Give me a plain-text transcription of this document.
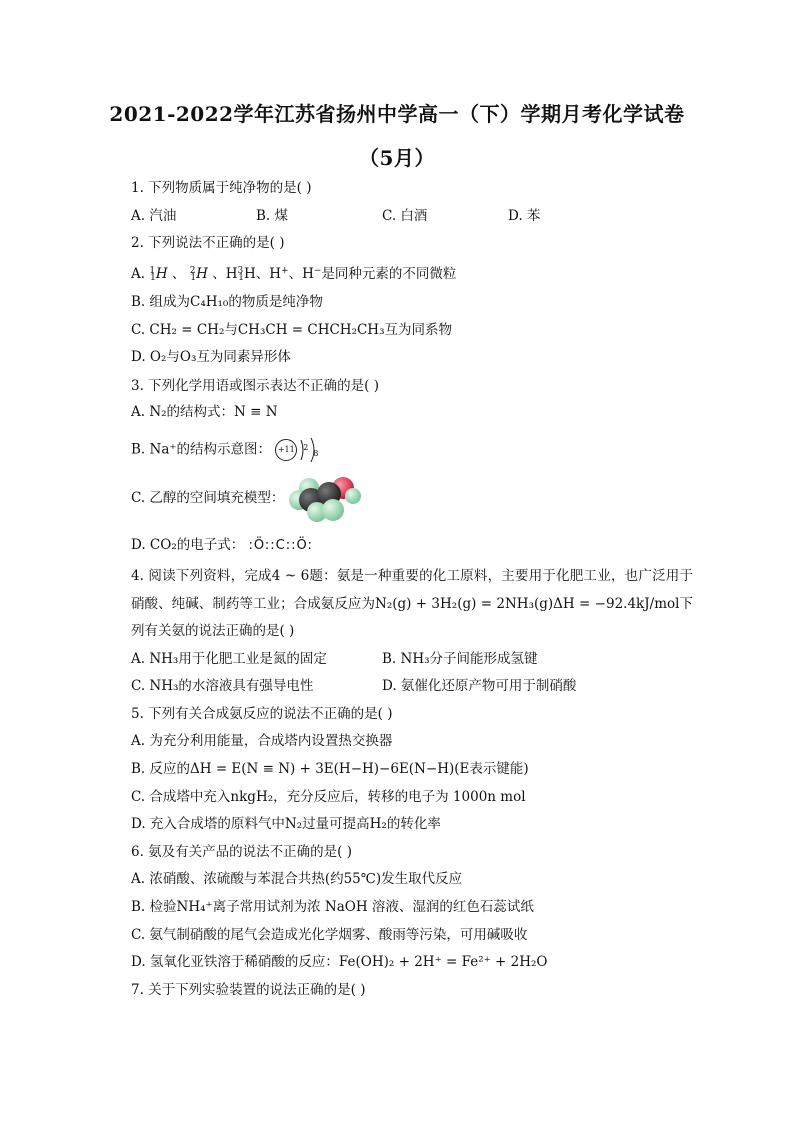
2021-2022学年江苏省扬州中学高一（下）学期月考化学试卷
（5月）
1. 下列物质属于纯净物的是( )
A. 汽油	B. 煤	C. 白酒	D. 苯
2. 下列说法不正确的是( )
A. $^1_1$H 、 $^2_1$H 、$H^3_1H$、H+、H−是同种元素的不同微粒
B. 组成为C₄H₁₀的物质是纯净物
C. CH₂ = CH₂与CH₃CH = CHCH₂CH₃互为同系物
D. O₂与O₃互为同素异形体
3. 下列化学用语或图示表达不正确的是( )
A. N₂的结构式：N ≡ N
B. Na⁺的结构示意图： +11	2
8
C. 乙醇的空间填充模型：
D. CO₂的电子式： :Ö::C::Ö:
4. 阅读下列资料，完成4 ~ 6题：氨是一种重要的化工原料，主要用于化肥工业，也广泛用于硝酸、纯碱、制药等工业；合成氨反应为N₂(g) + 3H₂(g) = 2NH₃(g)ΔH = −92.4kJ/mol下列有关氨的说法正确的是( )
A. NH₃用于化肥工业是氮的固定	B. NH₃分子间能形成氢键
C. NH₃的水溶液具有强导电性	D. 氨催化还原产物可用于制硝酸
5. 下列有关合成氨反应的说法不正确的是( )
A. 为充分利用能量，合成塔内设置热交换器
B. 反应的ΔH = E(N ≡ N) + 3E(H−H)−6E(N−H)(E表示键能)
C. 合成塔中充入nkgH₂，充分反应后，转移的电子为 1000n mol
D. 充入合成塔的原料气中N₂过量可提高H₂的转化率
6. 氨及有关产品的说法不正确的是( )
A. 浓硝酸、浓硫酸与苯混合共热(约55℃)发生取代反应
B. 检验NH₄⁺离子常用试剂为浓 NaOH 溶液、湿润的红色石蕊试纸
C. 氨气制硝酸的尾气会造成光化学烟雾、酸雨等污染，可用碱吸收
D. 氢氧化亚铁溶于稀硝酸的反应：Fe(OH)₂ + 2H⁺ = Fe²⁺ + 2H₂O
7. 关于下列实验装置的说法正确的是( )
